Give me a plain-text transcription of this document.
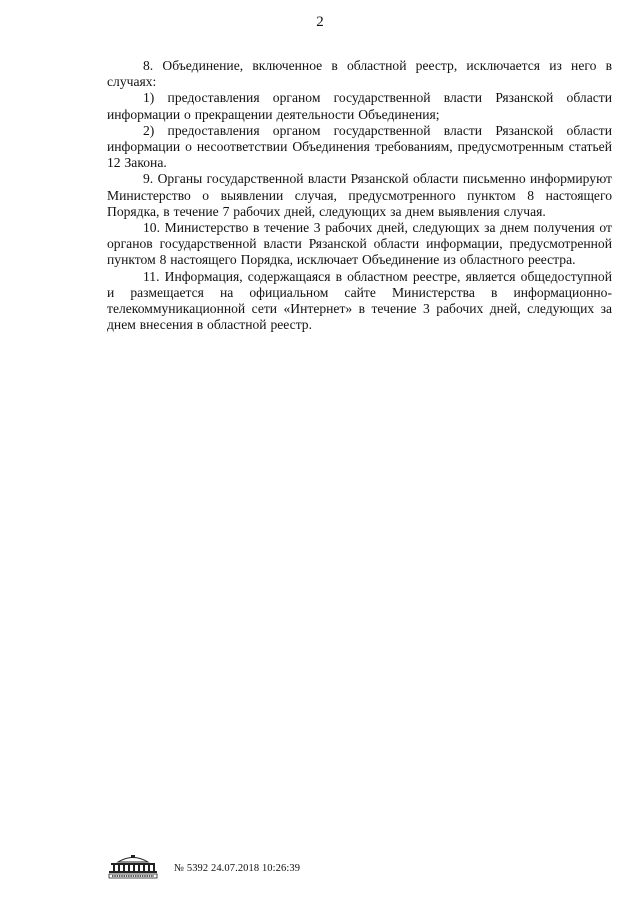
2

8. Объединение, включенное в областной реестр, исключается из него в случаях:

1) предоставления органом государственной власти Рязанской области информации о прекращении деятельности Объединения;

2) предоставления органом государственной власти Рязанской области информации о несоответствии Объединения требованиям, предусмотренным статьей 12 Закона.

9. Органы государственной власти Рязанской области письменно информируют Министерство о выявлении случая, предусмотренного пунктом 8 настоящего Порядка, в течение 7 рабочих дней, следующих за днем выявления случая.

10. Министерство в течение 3 рабочих дней, следующих за днем получения от органов государственной власти Рязанской области информации, предусмотренной пунктом 8 настоящего Порядка, исключает Объединение из областного реестра.

11. Информация, содержащаяся в областном реестре, является общедоступной и размещается на официальном сайте Министерства в информационно-телекоммуникационной сети «Интернет» в течение 3 рабочих дней, следующих за днем внесения в областной реестр.

№ 5392 24.07.2018 10:26:39
